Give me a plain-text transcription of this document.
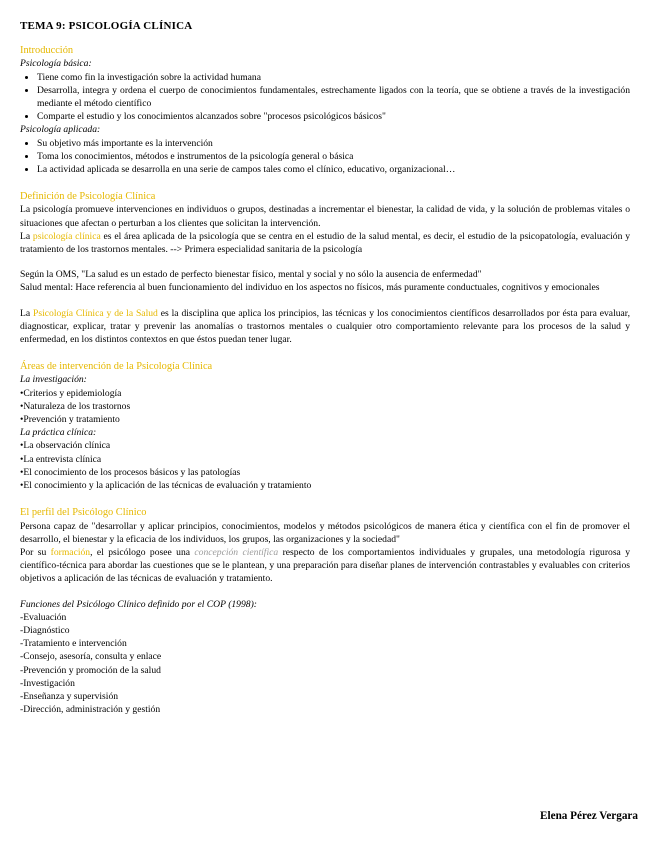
TEMA 9: PSICOLOGÍA CLÍNICA
Introducción
Psicología básica:
• Tiene como fin la investigación sobre la actividad humana
• Desarrolla, integra y ordena el cuerpo de conocimientos fundamentales, estrechamente ligados con la teoría, que se obtiene a través de la investigación mediante el método científico
• Comparte el estudio y los conocimientos alcanzados sobre "procesos psicológicos básicos"
Psicología aplicada:
• Su objetivo más importante es la intervención
• Toma los conocimientos, métodos e instrumentos de la psicología general o básica
• La actividad aplicada se desarrolla en una serie de campos tales como el clínico, educativo, organizacional…
Definición de Psicología Clínica

La psicología promueve intervenciones en individuos o grupos, destinadas a incrementar el bienestar, la calidad de vida, y la solución de problemas vitales o situaciones que afectan o perturban a los clientes que solicitan la intervención.

La psicología clínica es el área aplicada de la psicología que se centra en el estudio de la salud mental, es decir, el estudio de la psicopatología, evaluación y tratamiento de los trastornos mentales. --> Primera especialidad sanitaria de la psicología

Según la OMS, "La salud es un estado de perfecto bienestar físico, mental y social y no sólo la ausencia de enfermedad"

Salud mental: Hace referencia al buen funcionamiento del individuo en los aspectos no físicos, más puramente conductuales, cognitivos y emocionales

La Psicología Clínica y de la Salud es la disciplina que aplica los principios, las técnicas y los conocimientos científicos desarrollados por ésta para evaluar, diagnosticar, explicar, tratar y prevenir las anomalías o trastornos mentales o cualquier otro comportamiento relevante para los procesos de la salud y enfermedad, en los distintos contextos en que éstos puedan tener lugar.

Áreas de intervención de la Psicología Clínica
La investigación:
•Criterios y epidemiología
•Naturaleza de los trastornos
•Prevención y tratamiento
La práctica clínica:
•La observación clínica
•La entrevista clínica
•El conocimiento de los procesos básicos y las patologías
•El conocimiento y la aplicación de las técnicas de evaluación y tratamiento
El perfil del Psicólogo Clínico

Persona capaz de "desarrollar y aplicar principios, conocimientos, modelos y métodos psicológicos de manera ética y científica con el fin de promover el desarrollo, el bienestar y la eficacia de los individuos, los grupos, las organizaciones y la sociedad"

Por su formación, el psicólogo posee una concepción científica respecto de los comportamientos individuales y grupales, una metodología rigurosa y científico-técnica para abordar las cuestiones que se le plantean, y una preparación para diseñar planes de intervención contrastables y evaluables con criterios objetivos a aplicación de las técnicas de evaluación y tratamiento.

Funciones del Psicólogo Clínico definido por el COP (1998):
-Evaluación
-Diagnóstico
-Tratamiento e intervención
-Consejo, asesoría, consulta y enlace
-Prevención y promoción de la salud
-Investigación
-Enseñanza y supervisión
-Dirección, administración y gestión
Elena Pérez Vergara
